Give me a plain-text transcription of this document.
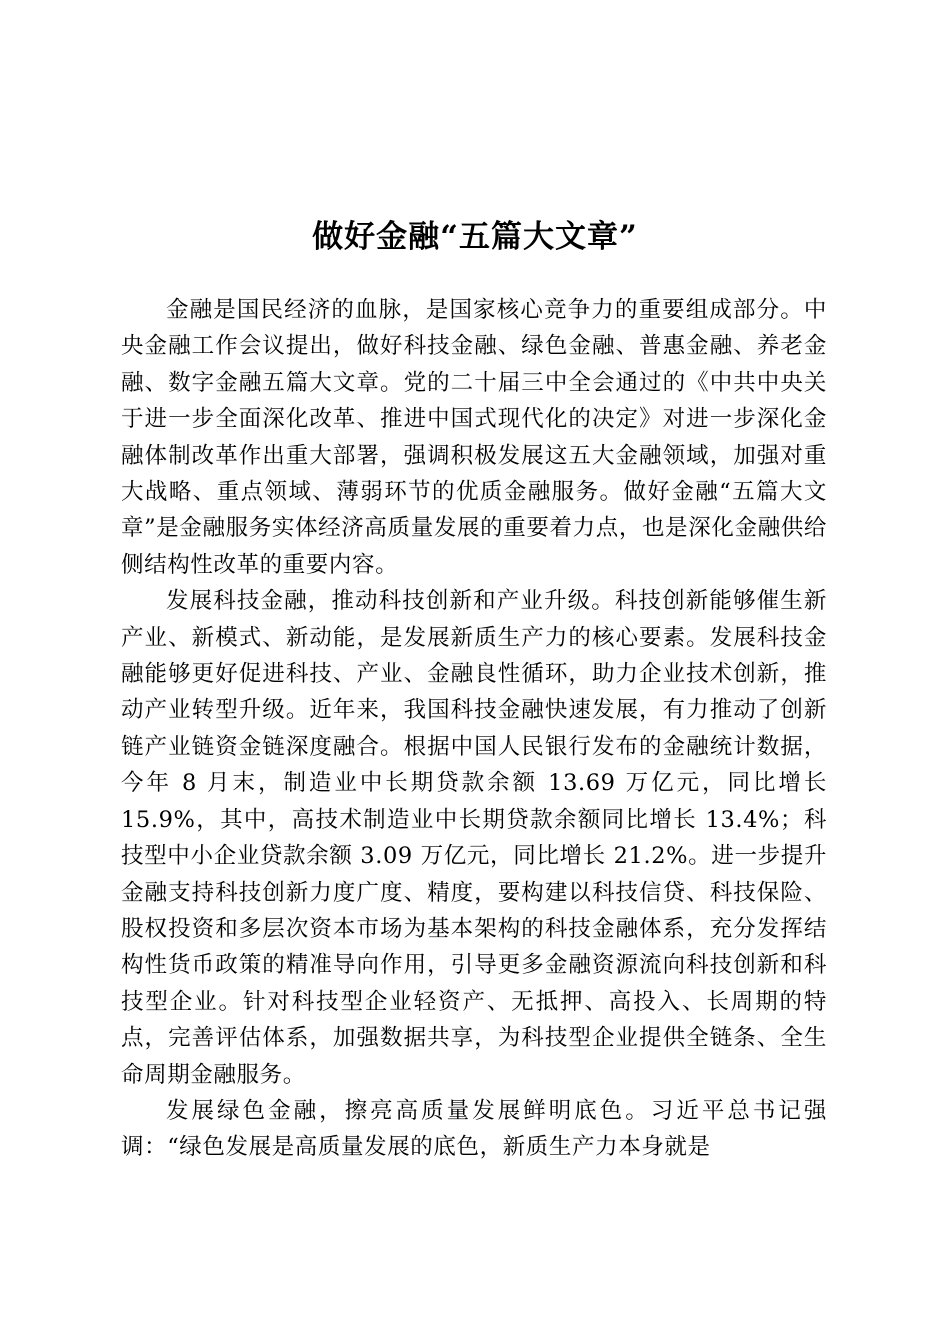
做好金融“五篇大文章”

金融是国民经济的血脉，是国家核心竞争力的重要组成部分。中央金融工作会议提出，做好科技金融、绿色金融、普惠金融、养老金融、数字金融五篇大文章。党的二十届三中全会通过的《中共中央关于进一步全面深化改革、推进中国式现代化的决定》对进一步深化金融体制改革作出重大部署，强调积极发展这五大金融领域，加强对重大战略、重点领域、薄弱环节的优质金融服务。做好金融“五篇大文章”是金融服务实体经济高质量发展的重要着力点，也是深化金融供给侧结构性改革的重要内容。

发展科技金融，推动科技创新和产业升级。科技创新能够催生新产业、新模式、新动能，是发展新质生产力的核心要素。发展科技金融能够更好促进科技、产业、金融良性循环，助力企业技术创新，推动产业转型升级。近年来，我国科技金融快速发展，有力推动了创新链产业链资金链深度融合。根据中国人民银行发布的金融统计数据，今年 8 月末，制造业中长期贷款余额 13.69 万亿元，同比增长 15.9%，其中，高技术制造业中长期贷款余额同比增长 13.4%；科技型中小企业贷款余额 3.09 万亿元，同比增长 21.2%。进一步提升金融支持科技创新力度广度、精度，要构建以科技信贷、科技保险、股权投资和多层次资本市场为基本架构的科技金融体系，充分发挥结构性货币政策的精准导向作用，引导更多金融资源流向科技创新和科技型企业。针对科技型企业轻资产、无抵押、高投入、长周期的特点，完善评估体系，加强数据共享，为科技型企业提供全链条、全生命周期金融服务。

发展绿色金融，擦亮高质量发展鲜明底色。习近平总书记强调：“绿色发展是高质量发展的底色，新质生产力本身就是
